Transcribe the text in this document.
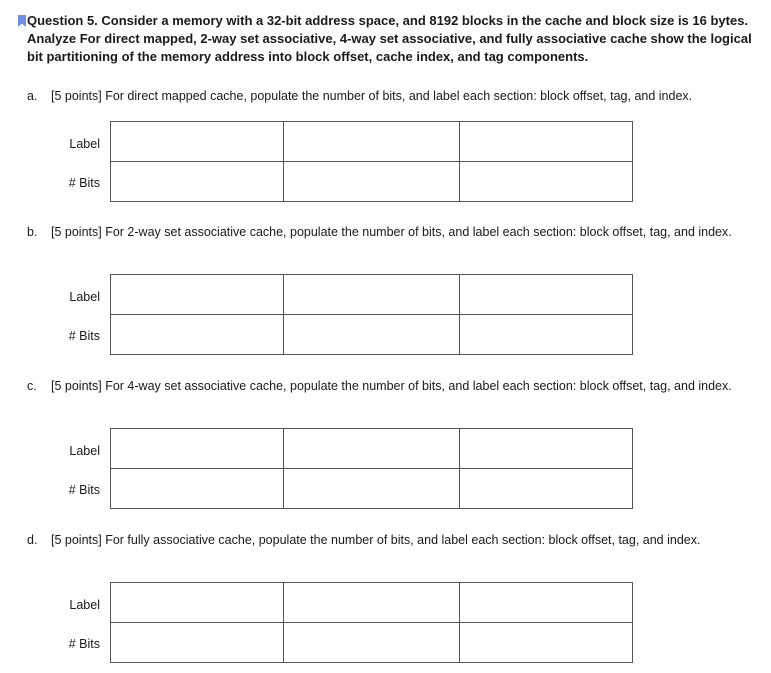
Question 5. Consider a memory with a 32-bit address space, and 8192 blocks in the cache and block size is 16 bytes.
Analyze For direct mapped, 2-way set associative, 4-way set associative, and fully associative cache show the logical
bit partitioning of the memory address into block offset, cache index, and tag components.
a.	[5 points] For direct mapped cache, populate the number of bits, and label each section: block offset, tag, and index.
Label
# Bits

b.	[5 points] For 2-way set associative cache, populate the number of bits, and label each section: block offset, tag, and index.
Label
# Bits

c.	[5 points] For 4-way set associative cache, populate the number of bits, and label each section: block offset, tag, and index.
Label
# Bits

d.	[5 points] For fully associative cache, populate the number of bits, and label each section: block offset, tag, and index.
Label
# Bits
